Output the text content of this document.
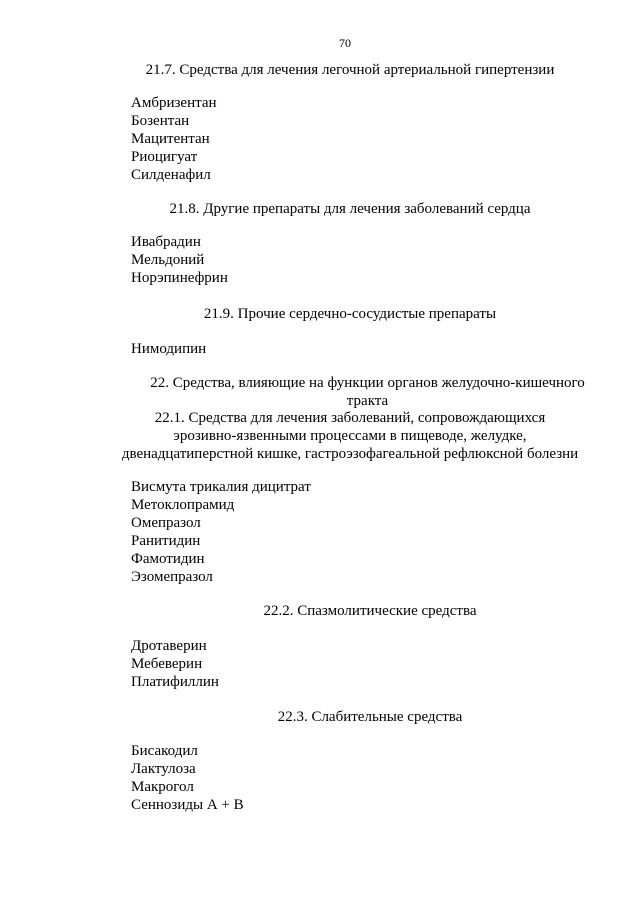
70
21.7. Средства для лечения легочной артериальной гипертензии
Амбризентан
Бозентан
Мацитентан
Риоцигуат
Силденафил
21.8. Другие препараты для лечения заболеваний сердца
Ивабрадин
Мельдоний
Норэпинефрин
21.9. Прочие сердечно-сосудистые препараты
Нимодипин
22. Средства, влияющие на функции органов желудочно-кишечного
тракта
22.1. Средства для лечения заболеваний, сопровождающихся
эрозивно-язвенными процессами в пищеводе, желудке,
двенадцатиперстной кишке, гастроэзофагеальной рефлюксной болезни
Висмута трикалия дицитрат
Метоклопрамид
Омепразол
Ранитидин
Фамотидин
Эзомепразол
22.2. Спазмолитические средства
Дротаверин
Мебеверин
Платифиллин
22.3. Слабительные средства
Бисакодил
Лактулоза
Макрогол
Сеннозиды А + В
